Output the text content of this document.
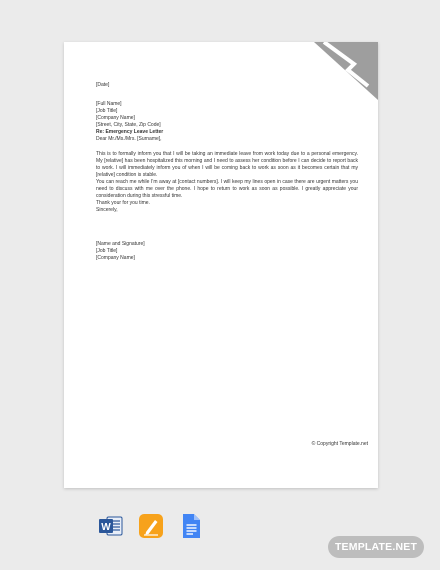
[Date]

[Full Name]

[Job Title]

[Company Name]

[Street, City, State, Zip Code]

Re: Emergency Leave Letter

Dear Mr./Ms./Mrs. [Surname],

This is to formally inform you that I will be taking an immediate leave from work today due to a personal emergency. My [relative] has been hospitalized this morning and I need to assess her condition before I can decide to report back to work. I will immediately inform you of when I will be coming back to work as soon as it becomes certain that my [relative] condition is stable.

You can reach me while I’m away at [contact numbers]. I will keep my lines open in case there are urgent matters you need to discuss with me over the phone. I hope to return to work as soon as possible. I greatly appreciate your consideration during this stressful time.

Thank your for you time.

Sincerely,

[Name and Signature]

[Job Title]

[Company Name]

© Copyright Template.net
W
TEMPLATE.NET
